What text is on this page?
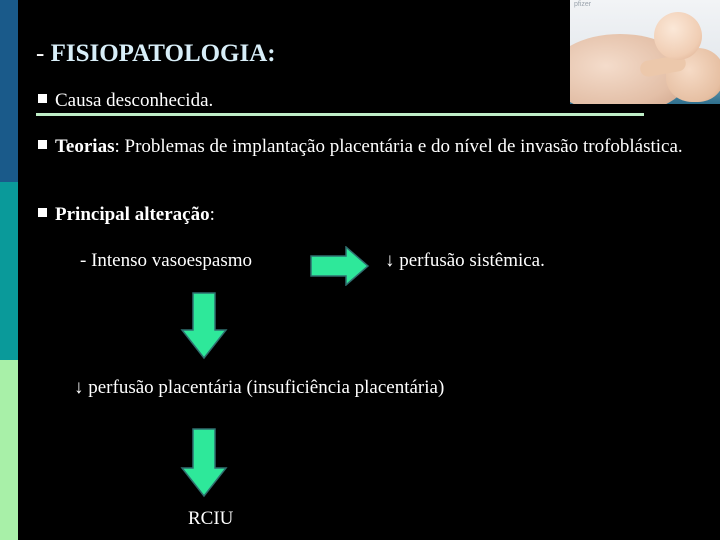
pfizer
- FISIOPATOLOGIA:
Causa desconhecida.
Teorias: Problemas de implantação placentária e do nível de invasão trofoblástica.
Principal alteração:
- Intenso vasoespasmo	↓ perfusão sistêmica.
↓ perfusão placentária (insuficiência placentária)
RCIU
